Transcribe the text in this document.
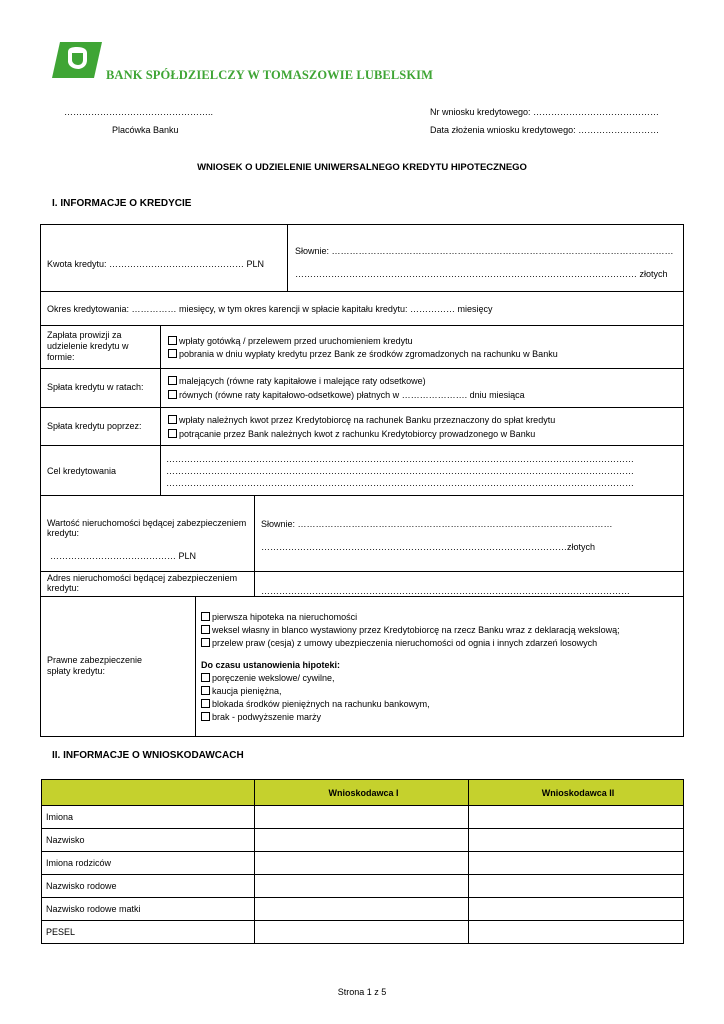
BANK SPÓŁDZIELCZY W TOMASZOWIE LUBELSKIM
…………………………………………..
Placówka Banku
Nr wniosku kredytowego: ……………………………………
Data złożenia wniosku kredytowego: ………………………
WNIOSEK O UDZIELENIE UNIWERSALNEGO KREDYTU HIPOTECZNEGO
I. INFORMACJE O KREDYCIE
Kwota kredytu: ……………………………………… PLN
Słownie: ……………………………………………………………………………………………………
…………………………………………………………………………………………………… złotych
Okres kredytowania: …………… miesięcy, w tym okres karencji w spłacie kapitału kredytu: …………… miesięcy
Zapłata prowizji za udzielenie kredytu w formie:
wpłaty gotówką / przelewem przed uruchomieniem kredytu
pobrania w dniu wypłaty kredytu przez Bank ze środków zgromadzonych na rachunku w Banku
Spłata kredytu w ratach:
malejących (równe raty kapitałowe i malejące raty odsetkowe)
równych (równe raty kapitałowo-odsetkowe) płatnych w …………………. dniu miesiąca
Spłata kredytu poprzez:
wpłaty należnych kwot przez Kredytobiorcę na rachunek Banku przeznaczony do spłat kredytu
potrącanie przez Bank należnych kwot z rachunku Kredytobiorcy prowadzonego w Banku
Cel kredytowania
…………………………………………………………………………………………………………………………………………
…………………………………………………………………………………………………………………………………………
…………………………………………………………………………………………………………………………………………
Wartość nieruchomości będącej zabezpieczeniem kredytu:
…………………………………… PLN
Słownie: ……………………………………………………………………………………………
…………………………………………………………………………………………złotych
Adres nieruchomości będącej zabezpieczeniem kredytu:	……………………………………………………………………………………………………………
Prawne zabezpieczenie spłaty kredytu:
pierwsza hipoteka na nieruchomości
weksel własny in blanco wystawiony przez Kredytobiorcę na rzecz Banku wraz z deklaracją wekslową;
przelew praw (cesja) z umowy ubezpieczenia nieruchomości od ognia i innych zdarzeń losowych
Do czasu ustanowienia hipoteki:
poręczenie wekslowe/ cywilne,
kaucja pieniężna,
blokada środków pieniężnych na rachunku bankowym,
brak - podwyższenie marży
II. INFORMACJE O WNIOSKODAWCACH
	Wnioskodawca I	Wnioskodawca II
Imiona		
Nazwisko		
Imiona rodziców		
Nazwisko rodowe		
Nazwisko rodowe matki		
PESEL		
Strona 1 z 5
